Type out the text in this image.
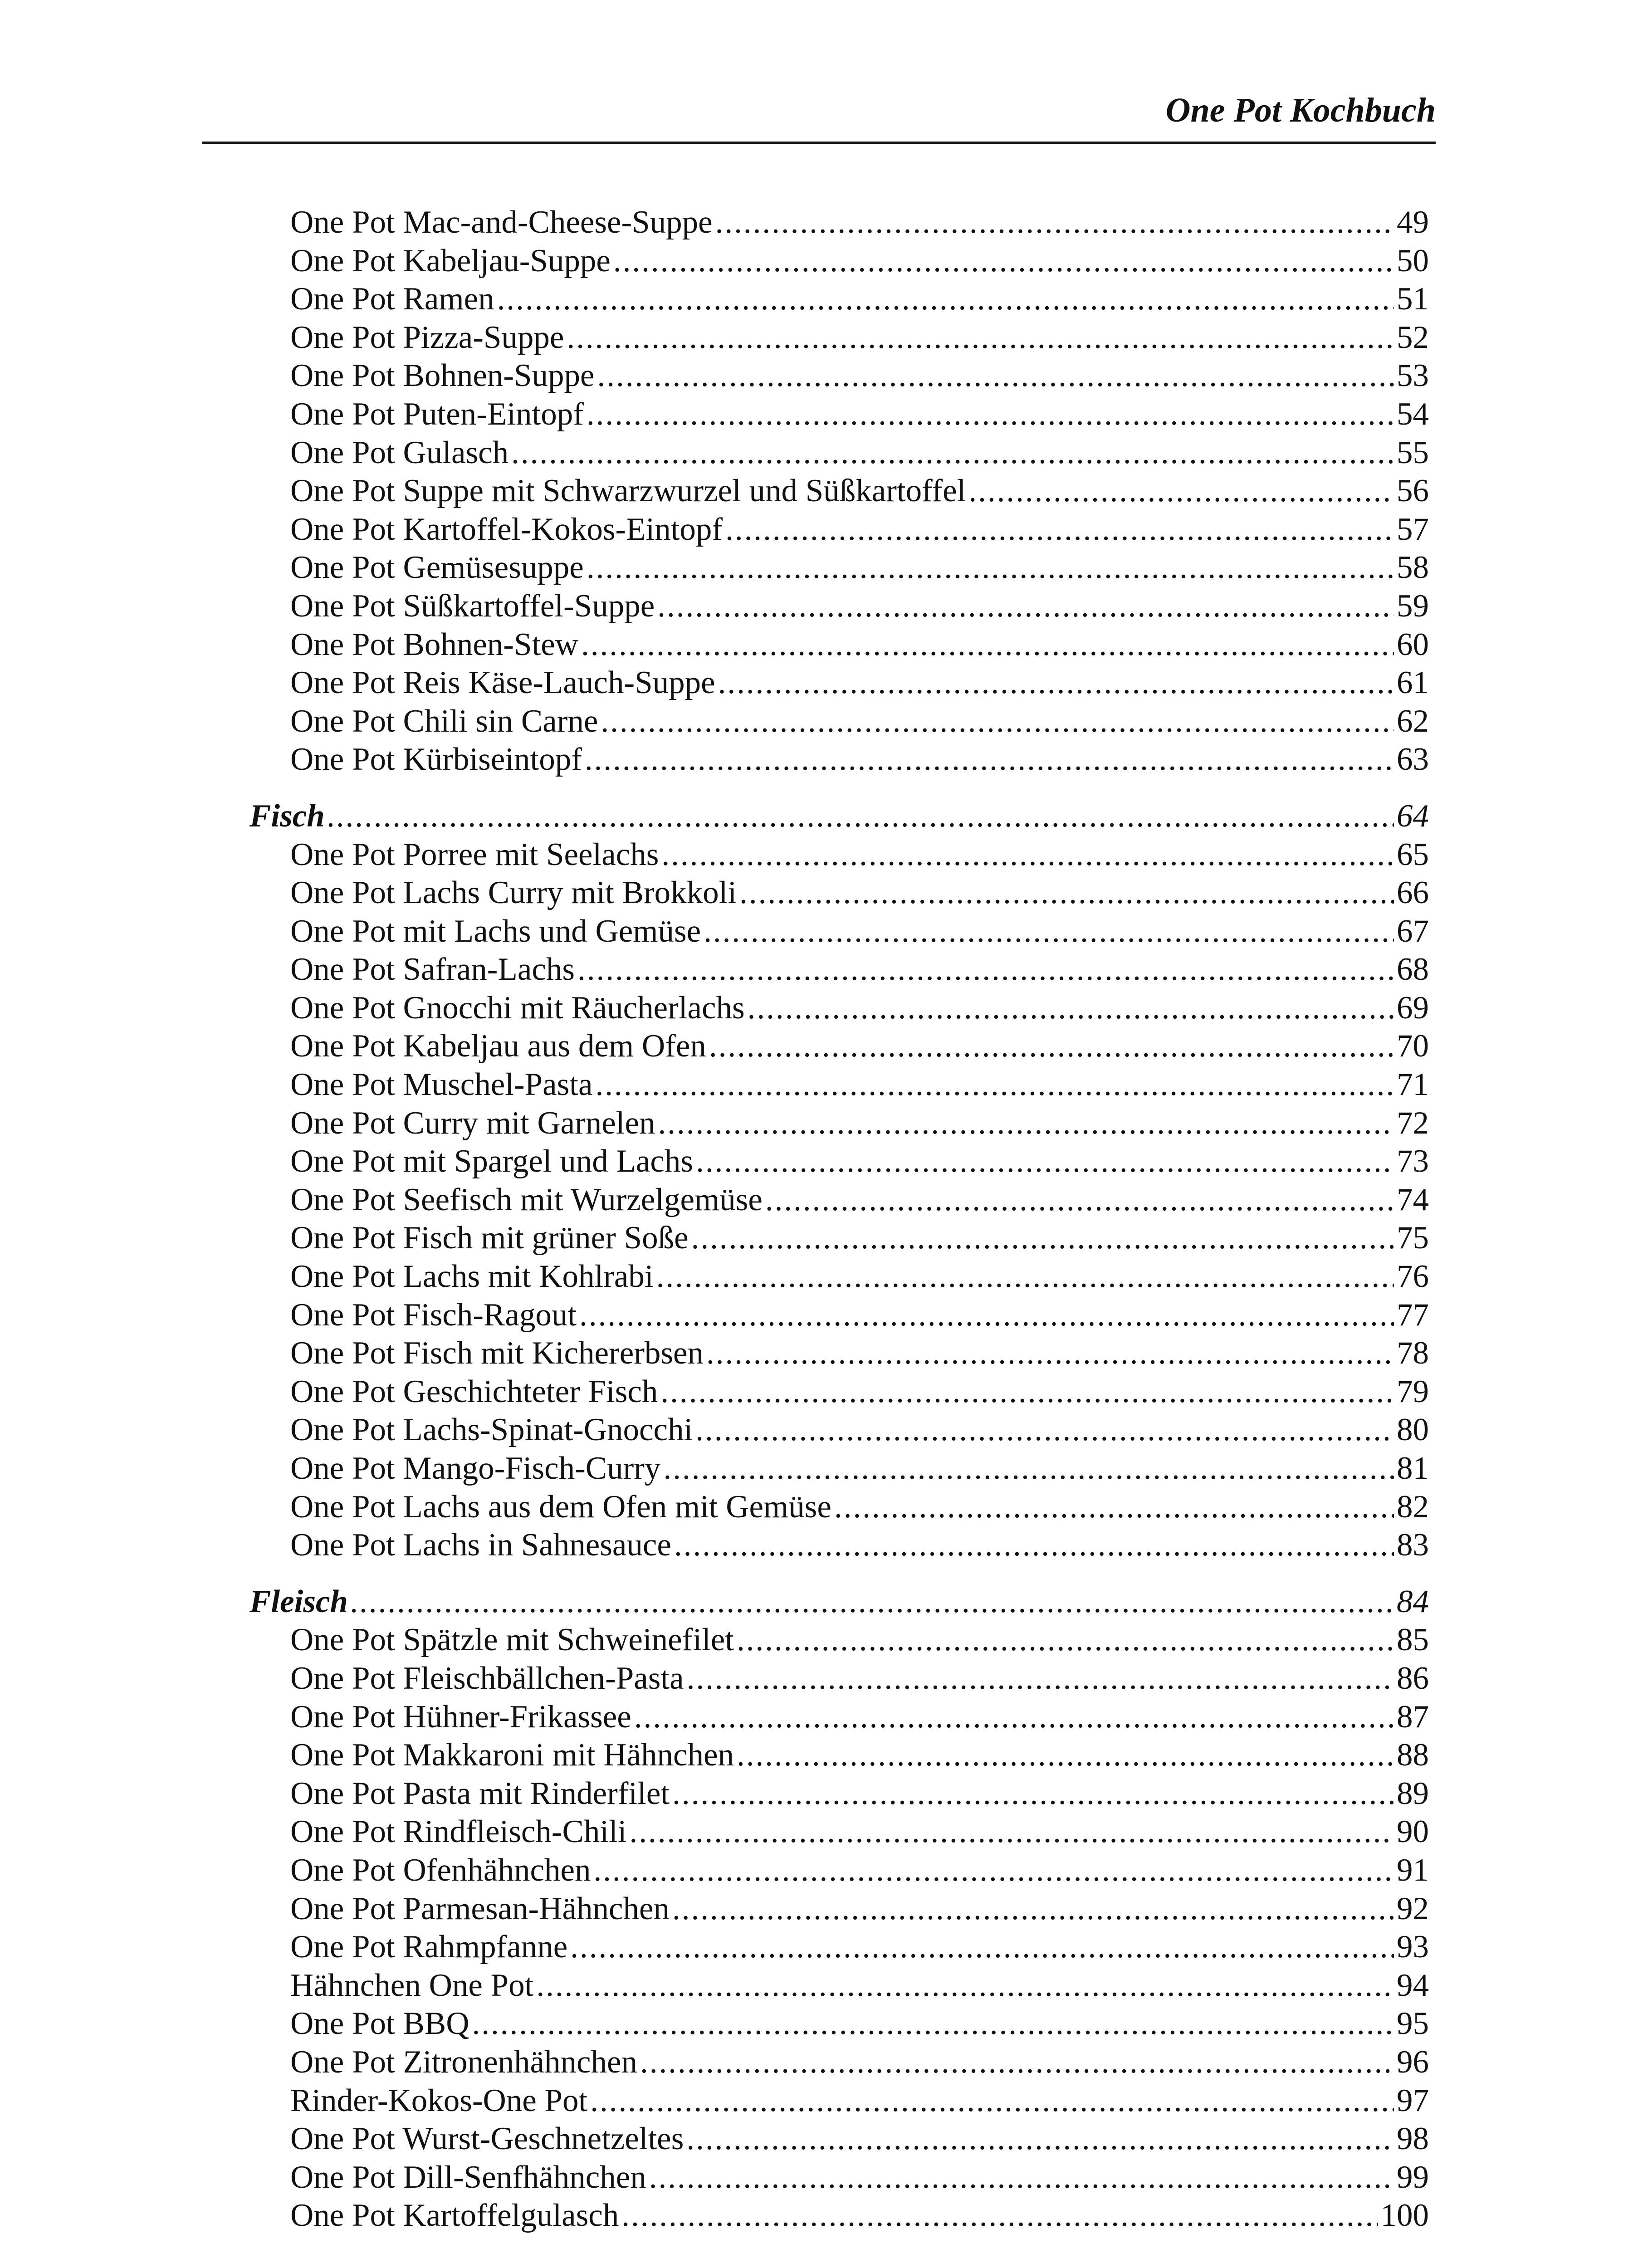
One Pot Kochbuch
One Pot Mac-and-Cheese-Suppe .....	49
One Pot Kabeljau-Suppe .....	50
One Pot Ramen .....	51
One Pot Pizza-Suppe .....	52
One Pot Bohnen-Suppe .....	53
One Pot Puten-Eintopf .....	54
One Pot Gulasch .....	55
One Pot Suppe mit Schwarzwurzel und Süßkartoffel .....	56
One Pot Kartoffel-Kokos-Eintopf .....	57
One Pot Gemüsesuppe .....	58
One Pot Süßkartoffel-Suppe .....	59
One Pot Bohnen-Stew .....	60
One Pot Reis Käse-Lauch-Suppe .....	61
One Pot Chili sin Carne .....	62
One Pot Kürbiseintopf .....	63
Fisch .....	64
One Pot Porree mit Seelachs .....	65
One Pot Lachs Curry mit Brokkoli .....	66
One Pot mit Lachs und Gemüse .....	67
One Pot Safran-Lachs .....	68
One Pot Gnocchi mit Räucherlachs .....	69
One Pot Kabeljau aus dem Ofen .....	70
One Pot Muschel-Pasta .....	71
One Pot Curry mit Garnelen .....	72
One Pot mit Spargel und Lachs .....	73
One Pot Seefisch mit Wurzelgemüse .....	74
One Pot Fisch mit grüner Soße .....	75
One Pot Lachs mit Kohlrabi .....	76
One Pot Fisch-Ragout .....	77
One Pot Fisch mit Kichererbsen .....	78
One Pot Geschichteter Fisch .....	79
One Pot Lachs-Spinat-Gnocchi .....	80
One Pot Mango-Fisch-Curry .....	81
One Pot Lachs aus dem Ofen mit Gemüse .....	82
One Pot Lachs in Sahnesauce .....	83
Fleisch .....	84
One Pot Spätzle mit Schweinefilet .....	85
One Pot Fleischbällchen-Pasta .....	86
One Pot Hühner-Frikassee .....	87
One Pot Makkaroni mit Hähnchen .....	88
One Pot Pasta mit Rinderfilet .....	89
One Pot Rindfleisch-Chili .....	90
One Pot Ofenhähnchen .....	91
One Pot Parmesan-Hähnchen .....	92
One Pot Rahmpfanne .....	93
Hähnchen One Pot .....	94
One Pot BBQ .....	95
One Pot Zitronenhähnchen .....	96
Rinder-Kokos-One Pot .....	97
One Pot Wurst-Geschnetzeltes .....	98
One Pot Dill-Senfhähnchen .....	99
One Pot Kartoffelgulasch .....	100
